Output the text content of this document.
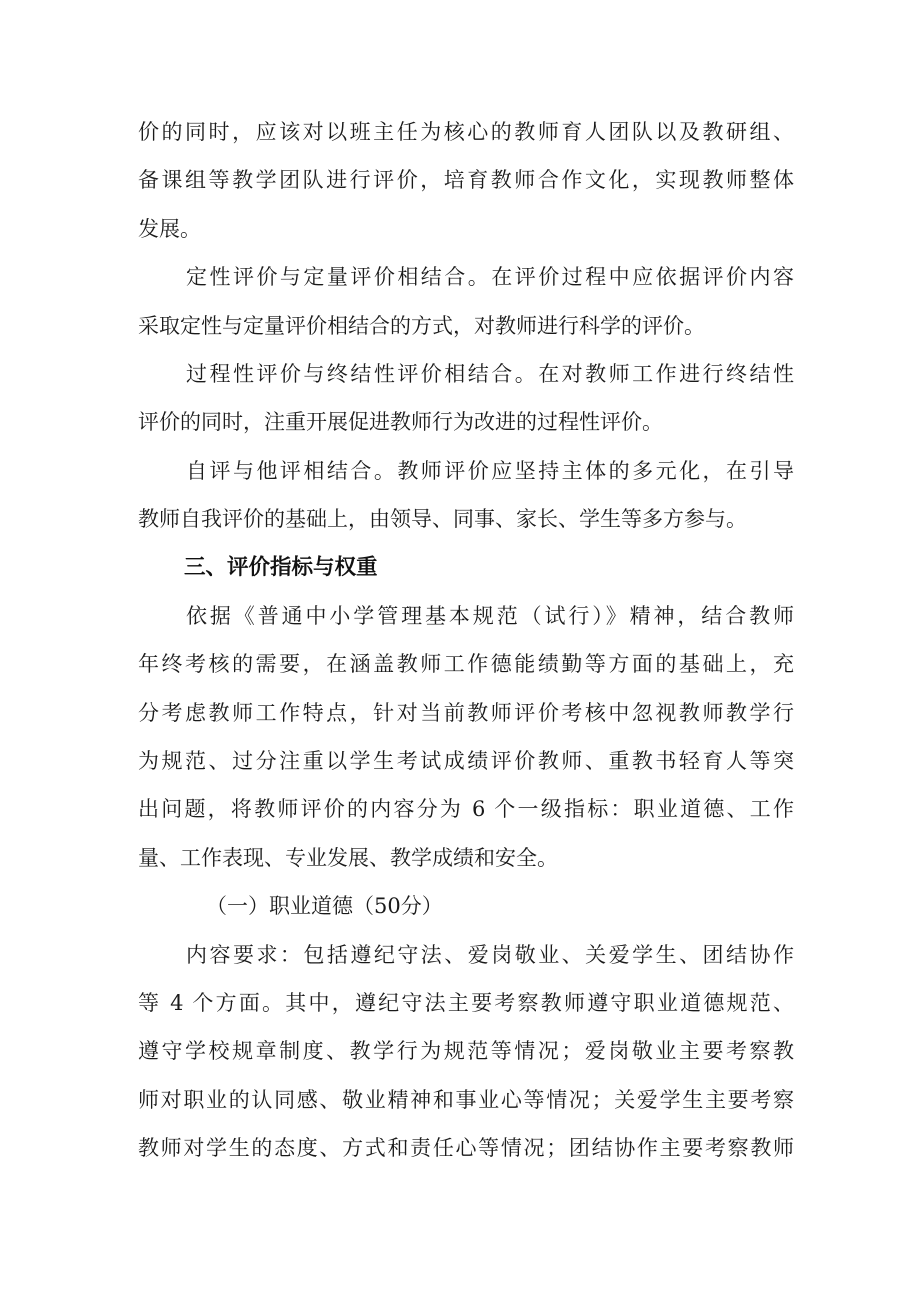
价的同时，应该对以班主任为核心的教师育人团队以及教研组、
备课组等教学团队进行评价，培育教师合作文化，实现教师整体
发展。
定性评价与定量评价相结合。在评价过程中应依据评价内容
采取定性与定量评价相结合的方式，对教师进行科学的评价。
过程性评价与终结性评价相结合。在对教师工作进行终结性
评价的同时，注重开展促进教师行为改进的过程性评价。
自评与他评相结合。教师评价应坚持主体的多元化，在引导
教师自我评价的基础上，由领导、同事、家长、学生等多方参与。
三、评价指标与权重
依据《普通中小学管理基本规范（试行）》精神，结合教师
年终考核的需要，在涵盖教师工作德能绩勤等方面的基础上，充
分考虑教师工作特点，针对当前教师评价考核中忽视教师教学行
为规范、过分注重以学生考试成绩评价教师、重教书轻育人等突
出问题，将教师评价的内容分为 6 个一级指标：职业道德、工作
量、工作表现、专业发展、教学成绩和安全。
（一）职业道德（50分）
内容要求：包括遵纪守法、爱岗敬业、关爱学生、团结协作
等 4 个方面。其中，遵纪守法主要考察教师遵守职业道德规范、
遵守学校规章制度、教学行为规范等情况；爱岗敬业主要考察教
师对职业的认同感、敬业精神和事业心等情况；关爱学生主要考察
教师对学生的态度、方式和责任心等情况；团结协作主要考察教师
